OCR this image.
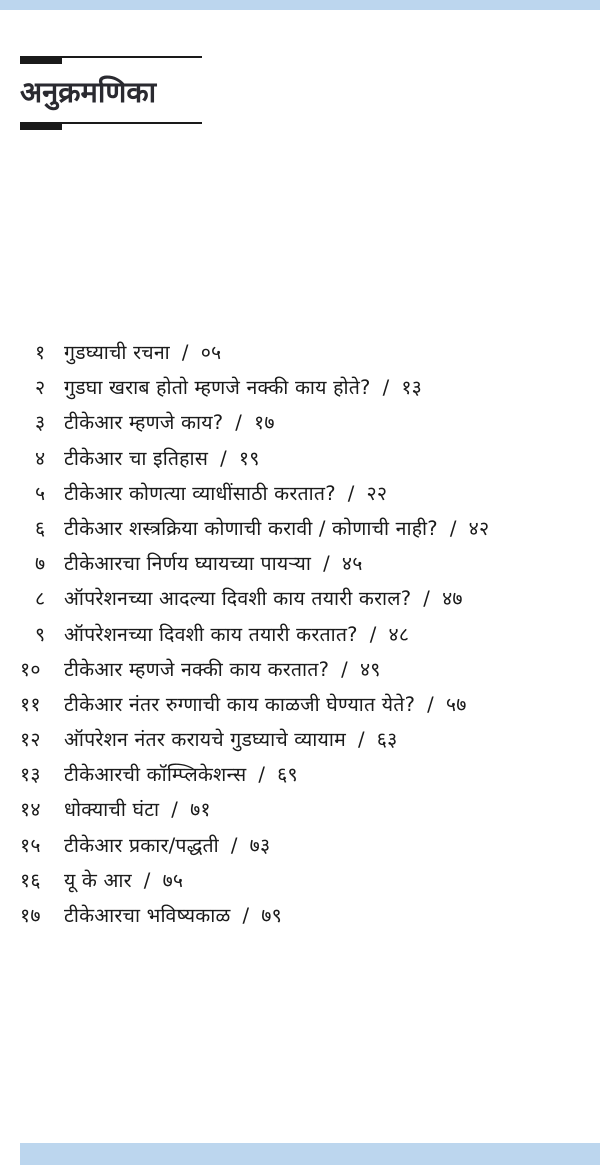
अनुक्रमणिका
१ गुडघ्याची रचना / ०५
२ गुडघा खराब होतो म्हणजे नक्की काय होते? / १३
३ टीकेआर म्हणजे काय? / १७
४ टीकेआर चा इतिहास / १९
५ टीकेआर कोणत्या व्याधींसाठी करतात? / २२
६ टीकेआर शस्त्रक्रिया कोणाची करावी / कोणाची नाही? / ४२
७ टीकेआरचा निर्णय घ्यायच्या पायऱ्या / ४५
८ ऑपरेशनच्या आदल्या दिवशी काय तयारी कराल? / ४७
९ ऑपरेशनच्या दिवशी काय तयारी करतात? / ४८
१०	टीकेआर म्हणजे नक्की काय करतात? / ४९
११	टीकेआर नंतर रुग्णाची काय काळजी घेण्यात येते? / ५७
१२	ऑपरेशन नंतर करायचे गुडघ्याचे व्यायाम / ६३
१३	टीकेआरची कॉम्प्लिकेशन्स / ६९
१४	धोक्याची घंटा / ७१
१५	टीकेआर प्रकार/पद्धती / ७३
१६	यू के आर / ७५
१७	टीकेआरचा भविष्यकाळ / ७९
